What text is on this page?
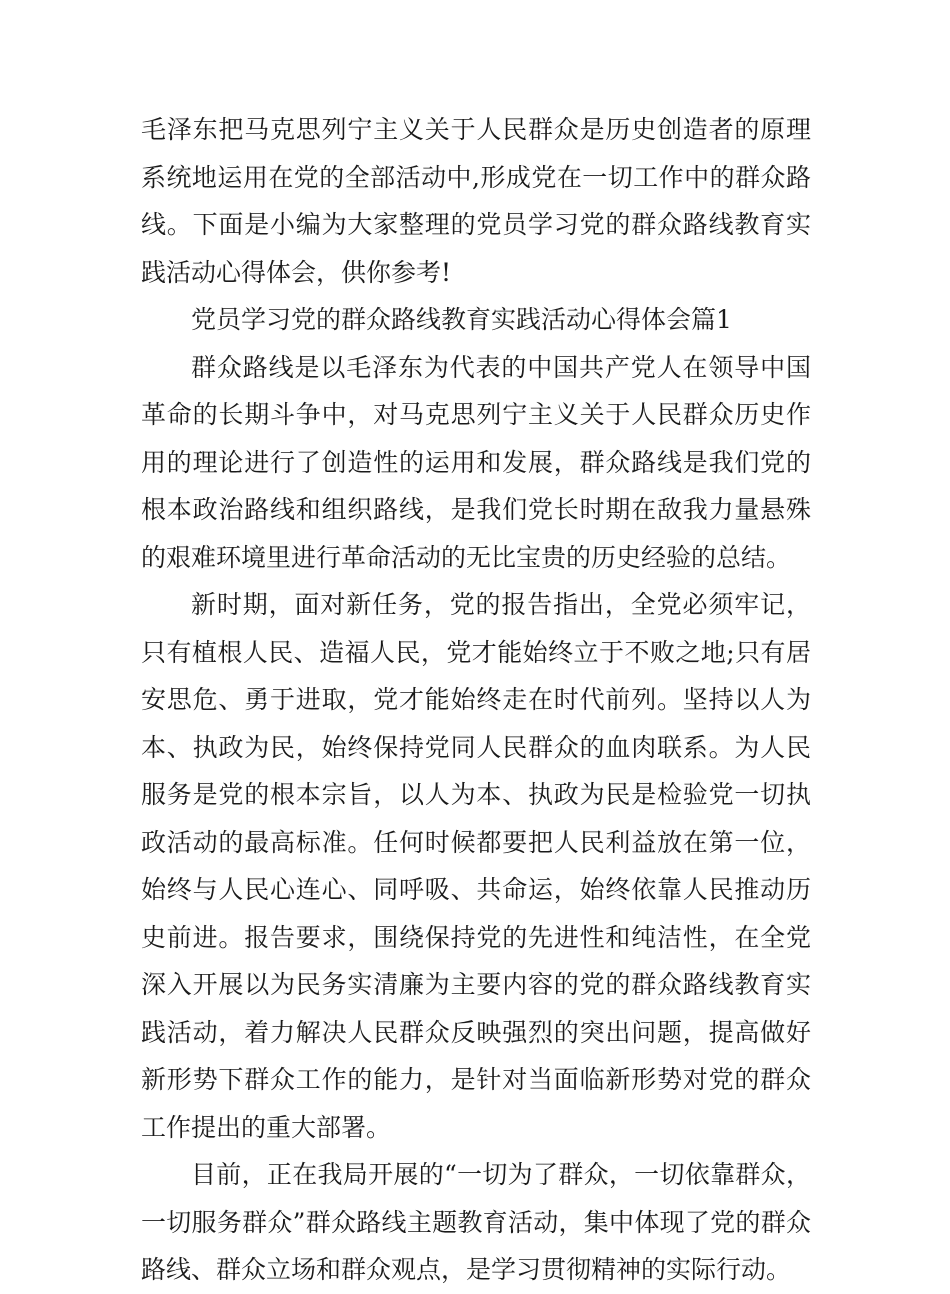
毛泽东把马克思列宁主义关于人民群众是历史创造者的原理系统地运用在党的全部活动中,形成党在一切工作中的群众路线。下面是小编为大家整理的党员学习党的群众路线教育实践活动心得体会，供你参考!

党员学习党的群众路线教育实践活动心得体会篇1

群众路线是以毛泽东为代表的中国共产党人在领导中国革命的长期斗争中，对马克思列宁主义关于人民群众历史作用的理论进行了创造性的运用和发展，群众路线是我们党的根本政治路线和组织路线，是我们党长时期在敌我力量悬殊的艰难环境里进行革命活动的无比宝贵的历史经验的总结。

新时期，面对新任务，党的报告指出，全党必须牢记，只有植根人民、造福人民，党才能始终立于不败之地;只有居安思危、勇于进取，党才能始终走在时代前列。坚持以人为本、执政为民，始终保持党同人民群众的血肉联系。为人民服务是党的根本宗旨，以人为本、执政为民是检验党一切执政活动的最高标准。任何时候都要把人民利益放在第一位，始终与人民心连心、同呼吸、共命运，始终依靠人民推动历史前进。报告要求，围绕保持党的先进性和纯洁性，在全党深入开展以为民务实清廉为主要内容的党的群众路线教育实践活动，着力解决人民群众反映强烈的突出问题，提高做好新形势下群众工作的能力，是针对当面临新形势对党的群众工作提出的重大部署。

目前，正在我局开展的“一切为了群众，一切依靠群众，一切服务群众”群众路线主题教育活动，集中体现了党的群众路线、群众立场和群众观点，是学习贯彻精神的实际行动。
